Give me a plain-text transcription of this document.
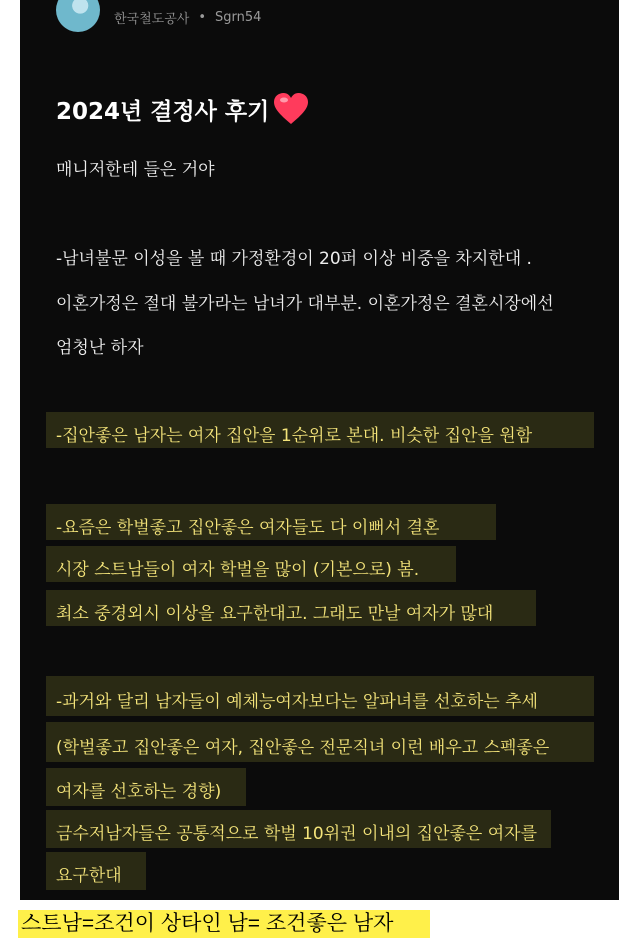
한국철도공사 • Sgrn54
2024년 결정사 후기
매니저한테 들은 거야
-남녀불문 이성을 볼 때 가정환경이 20퍼 이상 비중을 차지한대 .
이혼가정은 절대 불가라는 남녀가 대부분. 이혼가정은 결혼시장에선
엄청난 하자
-집안좋은 남자는 여자 집안을 1순위로 본대. 비슷한 집안을 원함
-요즘은 학벌좋고 집안좋은 여자들도 다 이뻐서 결혼
시장 스트남들이 여자 학벌을 많이 (기본으로) 봄.
최소 중경외시 이상을 요구한대고. 그래도 만날 여자가 많대
-과거와 달리 남자들이 예체능여자보다는 알파녀를 선호하는 추세
(학벌좋고 집안좋은 여자, 집안좋은 전문직녀 이런 배우고 스펙좋은
여자를 선호하는 경향)
금수저남자들은 공통적으로 학벌 10위권 이내의 집안좋은 여자를
요구한대
스트남=조건이 상타인 남= 조건좋은 남자
